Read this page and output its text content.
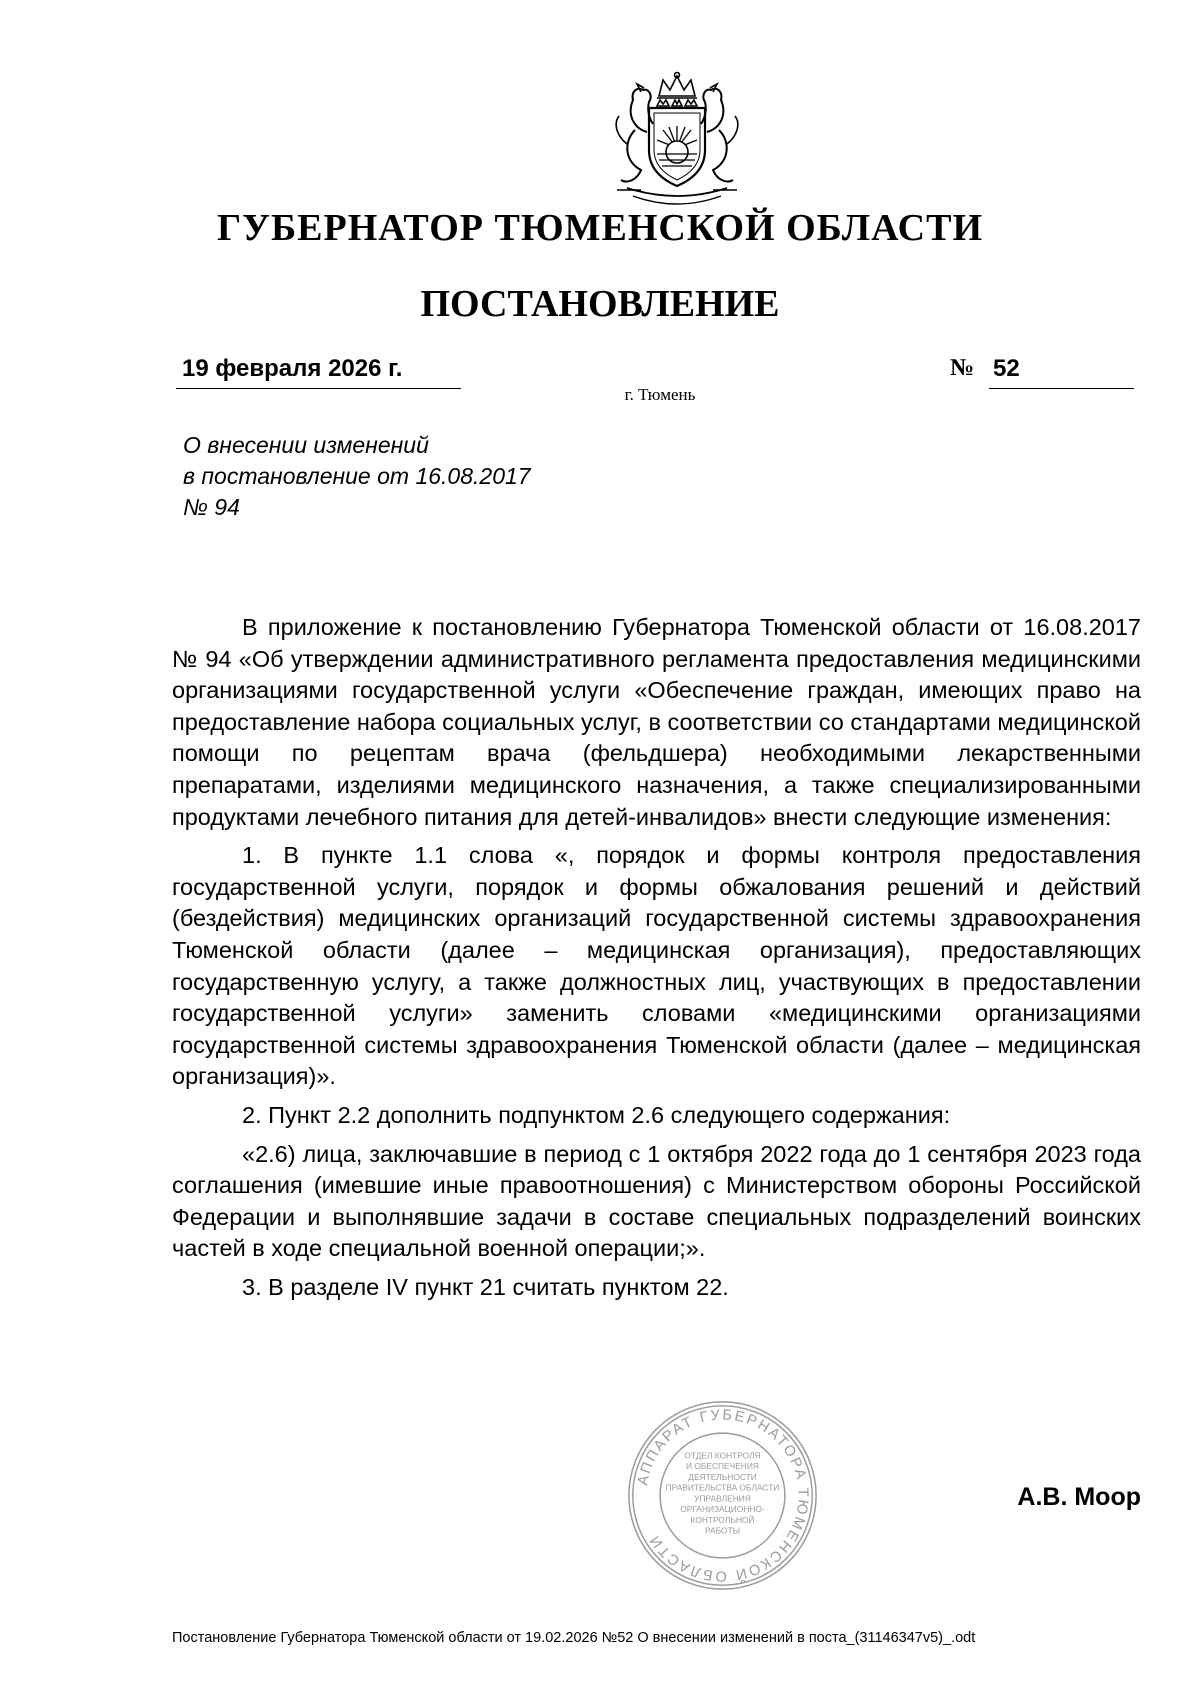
ГУБЕРНАТОР ТЮМЕНСКОЙ ОБЛАСТИ
ПОСТАНОВЛЕНИЕ
19 февраля 2026 г.	№ 52
г. Тюмень
О внесении изменений
в постановление от 16.08.2017
№ 94

В приложение к постановлению Губернатора Тюменской области от 16.08.2017 № 94 «Об утверждении административного регламента предоставления медицинскими организациями государственной услуги «Обеспечение граждан, имеющих право на предоставление набора социальных услуг, в соответствии со стандартами медицинской помощи по рецептам врача (фельдшера) необходимыми лекарственными препаратами, изделиями медицинского назначения, а также специализированными продуктами лечебного питания для детей-инвалидов» внести следующие изменения:

1. В пункте 1.1 слова «, порядок и формы контроля предоставления государственной услуги, порядок и формы обжалования решений и действий (бездействия) медицинских организаций государственной системы здравоохранения Тюменской области (далее – медицинская организация), предоставляющих государственную услугу, а также должностных лиц, участвующих в предоставлении государственной услуги» заменить словами «медицинскими организациями государственной системы здравоохранения Тюменской области (далее – медицинская организация)».

2. Пункт 2.2 дополнить подпунктом 2.6 следующего содержания:

«2.6) лица, заключавшие в период с 1 октября 2022 года до 1 сентября 2023 года соглашения (имевшие иные правоотношения) с Министерством обороны Российской Федерации и выполнявшие задачи в составе специальных подразделений воинских частей в ходе специальной военной операции;».

3. В разделе IV пункт 21 считать пунктом 22.

АППАРАТ ГУБЕРНАТОРА ТЮМЕНСКОЙ ОБЛАСТИ
ОТДЕЛ КОНТРОЛЯ
И ОБЕСПЕЧЕНИЯ
ДЕЯТЕЛЬНОСТИ
ПРАВИТЕЛЬСТВА ОБЛАСТИ
УПРАВЛЕНИЯ
ОРГАНИЗАЦИОННО-
КОНТРОЛЬНОЙ
РАБОТЫ
А.В. Моор
Постановление Губернатора Тюменской области от 19.02.2026 №52 О внесении изменений в поста_(31146347v5)_.odt
